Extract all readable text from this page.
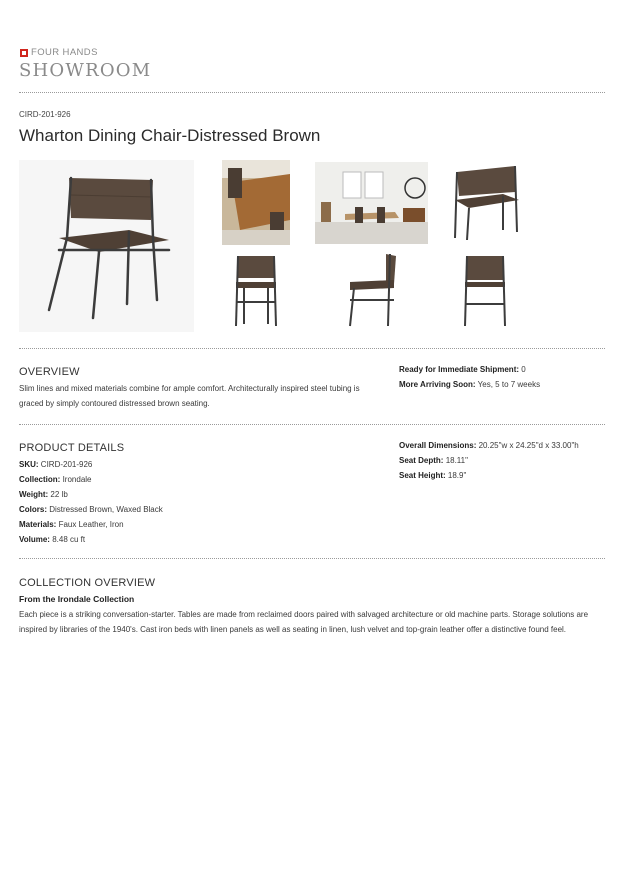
FOUR HANDS
SHOWROOM
CIRD-201-926
Wharton Dining Chair-Distressed Brown
OVERVIEW
Slim lines and mixed materials combine for ample comfort. Architecturally inspired steel tubing is graced by simply contoured distressed brown seating.
Ready for Immediate Shipment: 0
More Arriving Soon: Yes, 5 to 7 weeks
PRODUCT DETAILS
SKU: CIRD-201-926
Collection: Irondale
Weight: 22 lb
Colors: Distressed Brown, Waxed Black
Materials: Faux Leather, Iron
Volume: 8.48 cu ft
Overall Dimensions: 20.25"w x 24.25"d x 33.00"h
Seat Depth: 18.11"
Seat Height: 18.9"
COLLECTION OVERVIEW
From the Irondale Collection
Each piece is a striking conversation-starter. Tables are made from reclaimed doors paired with salvaged architecture or old machine parts. Storage solutions are inspired by libraries of the 1940's. Cast iron beds with linen panels as well as seating in linen, lush velvet and top-grain leather offer a distinctive found feel.
